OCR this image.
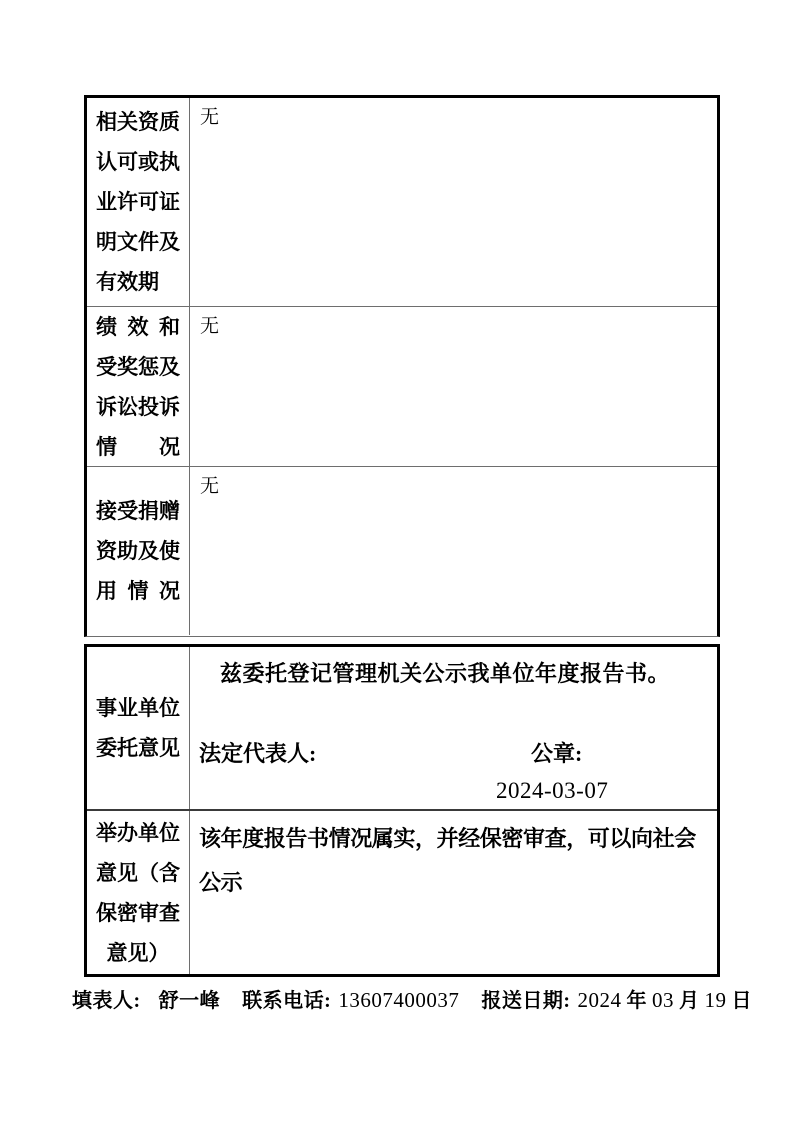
相关资质
认可或执
业许可证
明文件及
有效期
无
绩效和
受奖惩及
诉讼投诉
情况
无
接受捐赠
资助及使
用情况
无
事业单位
委托意见
兹委托登记管理机关公示我单位年度报告书。
法定代表人:	公章:
2024-03-07
举办单位
意见（含
保密审查
意见）
该年度报告书情况属实，并经保密审查，可以向社会公示
填表人: 舒一峰 联系电话: 13607400037 报送日期: 2024 年 03 月 19 日
